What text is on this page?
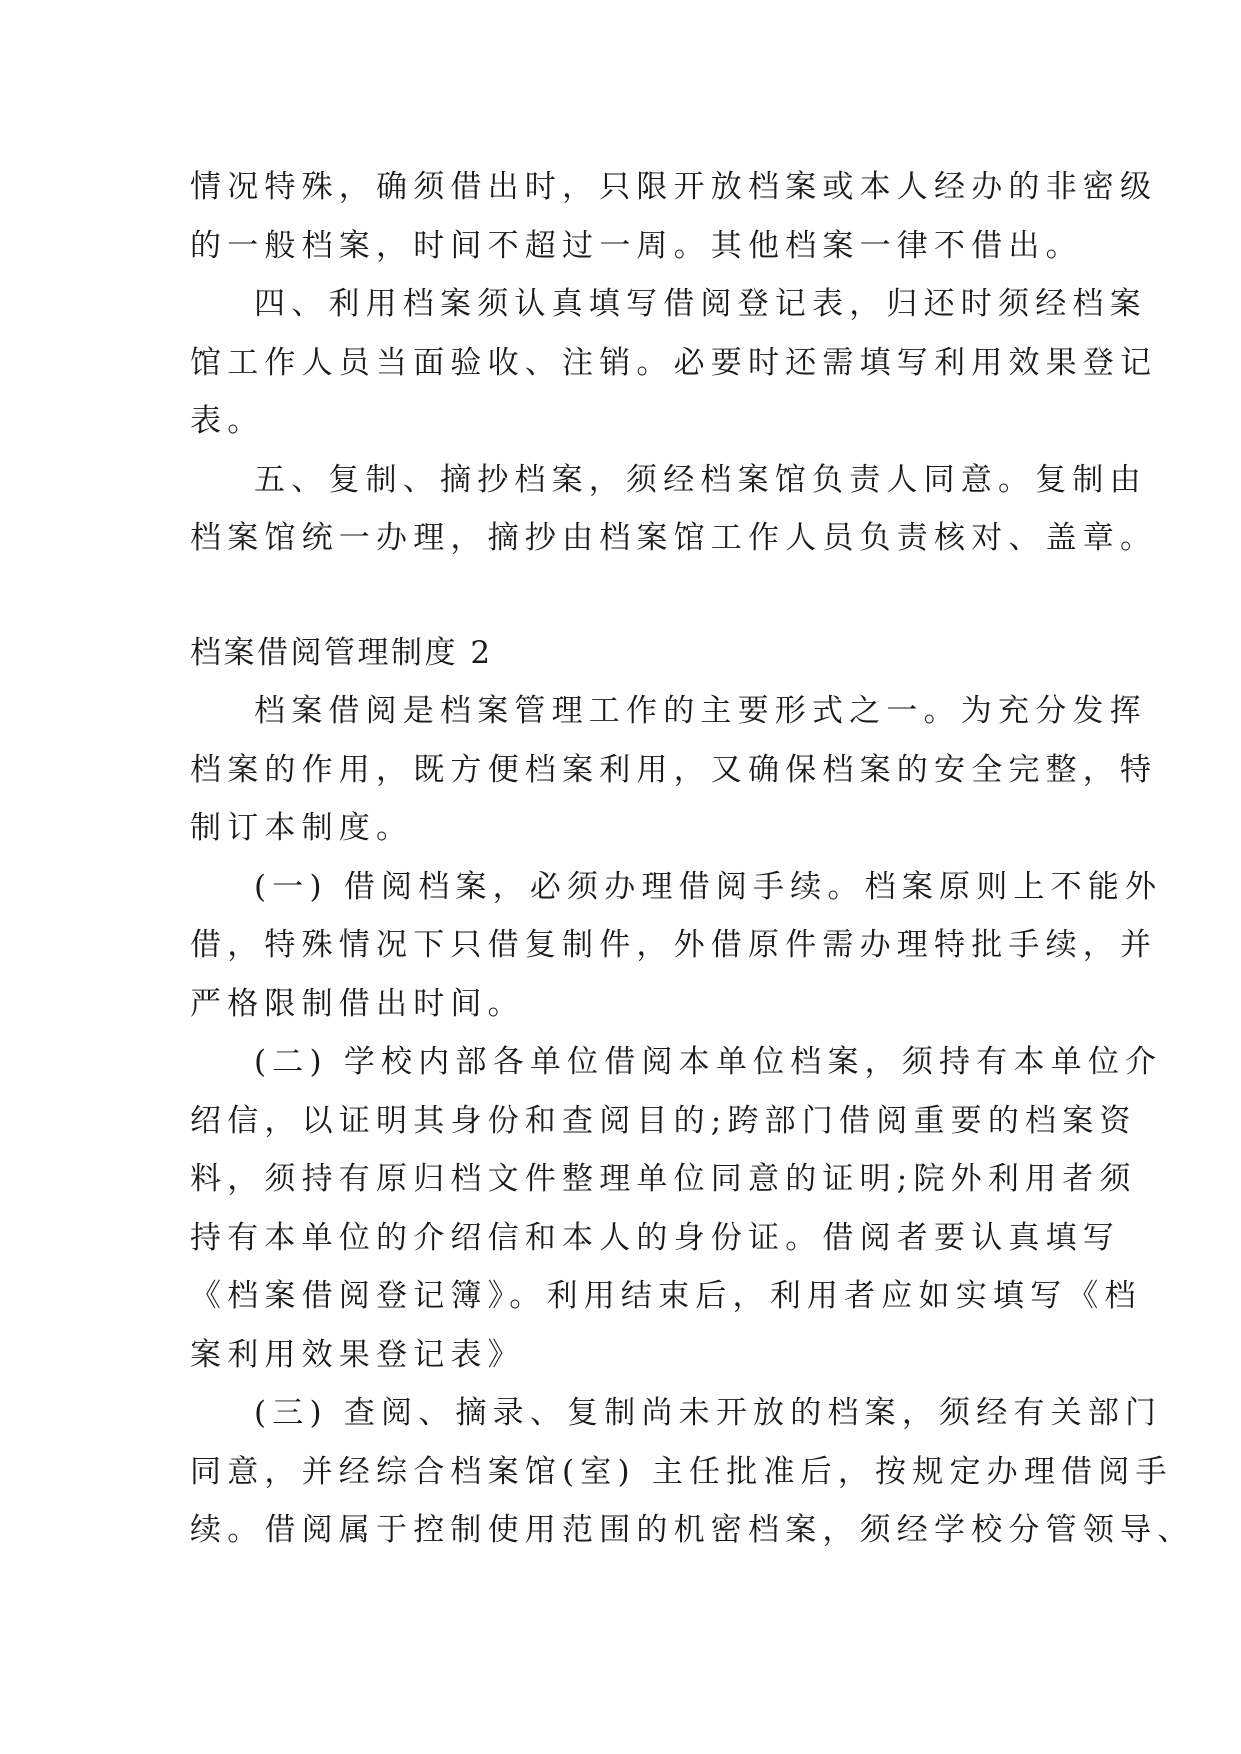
情况特殊，确须借出时，只限开放档案或本人经办的非密级

的一般档案，时间不超过一周。其他档案一律不借出。

四、利用档案须认真填写借阅登记表，归还时须经档案

馆工作人员当面验收、注销。必要时还需填写利用效果登记

表。

五、复制、摘抄档案，须经档案馆负责人同意。复制由

档案馆统一办理，摘抄由档案馆工作人员负责核对、盖章。

档案借阅管理制度 2

档案借阅是档案管理工作的主要形式之一。为充分发挥

档案的作用，既方便档案利用，又确保档案的安全完整，特

制订本制度。

(一) 借阅档案，必须办理借阅手续。档案原则上不能外

借，特殊情况下只借复制件，外借原件需办理特批手续，并

严格限制借出时间。

(二) 学校内部各单位借阅本单位档案，须持有本单位介

绍信，以证明其身份和查阅目的;跨部门借阅重要的档案资

料，须持有原归档文件整理单位同意的证明;院外利用者须

持有本单位的介绍信和本人的身份证。借阅者要认真填写

《档案借阅登记簿》。利用结束后，利用者应如实填写《档

案利用效果登记表》

(三) 查阅、摘录、复制尚未开放的档案，须经有关部门

同意，并经综合档案馆(室) 主任批准后，按规定办理借阅手

续。借阅属于控制使用范围的机密档案，须经学校分管领导、
